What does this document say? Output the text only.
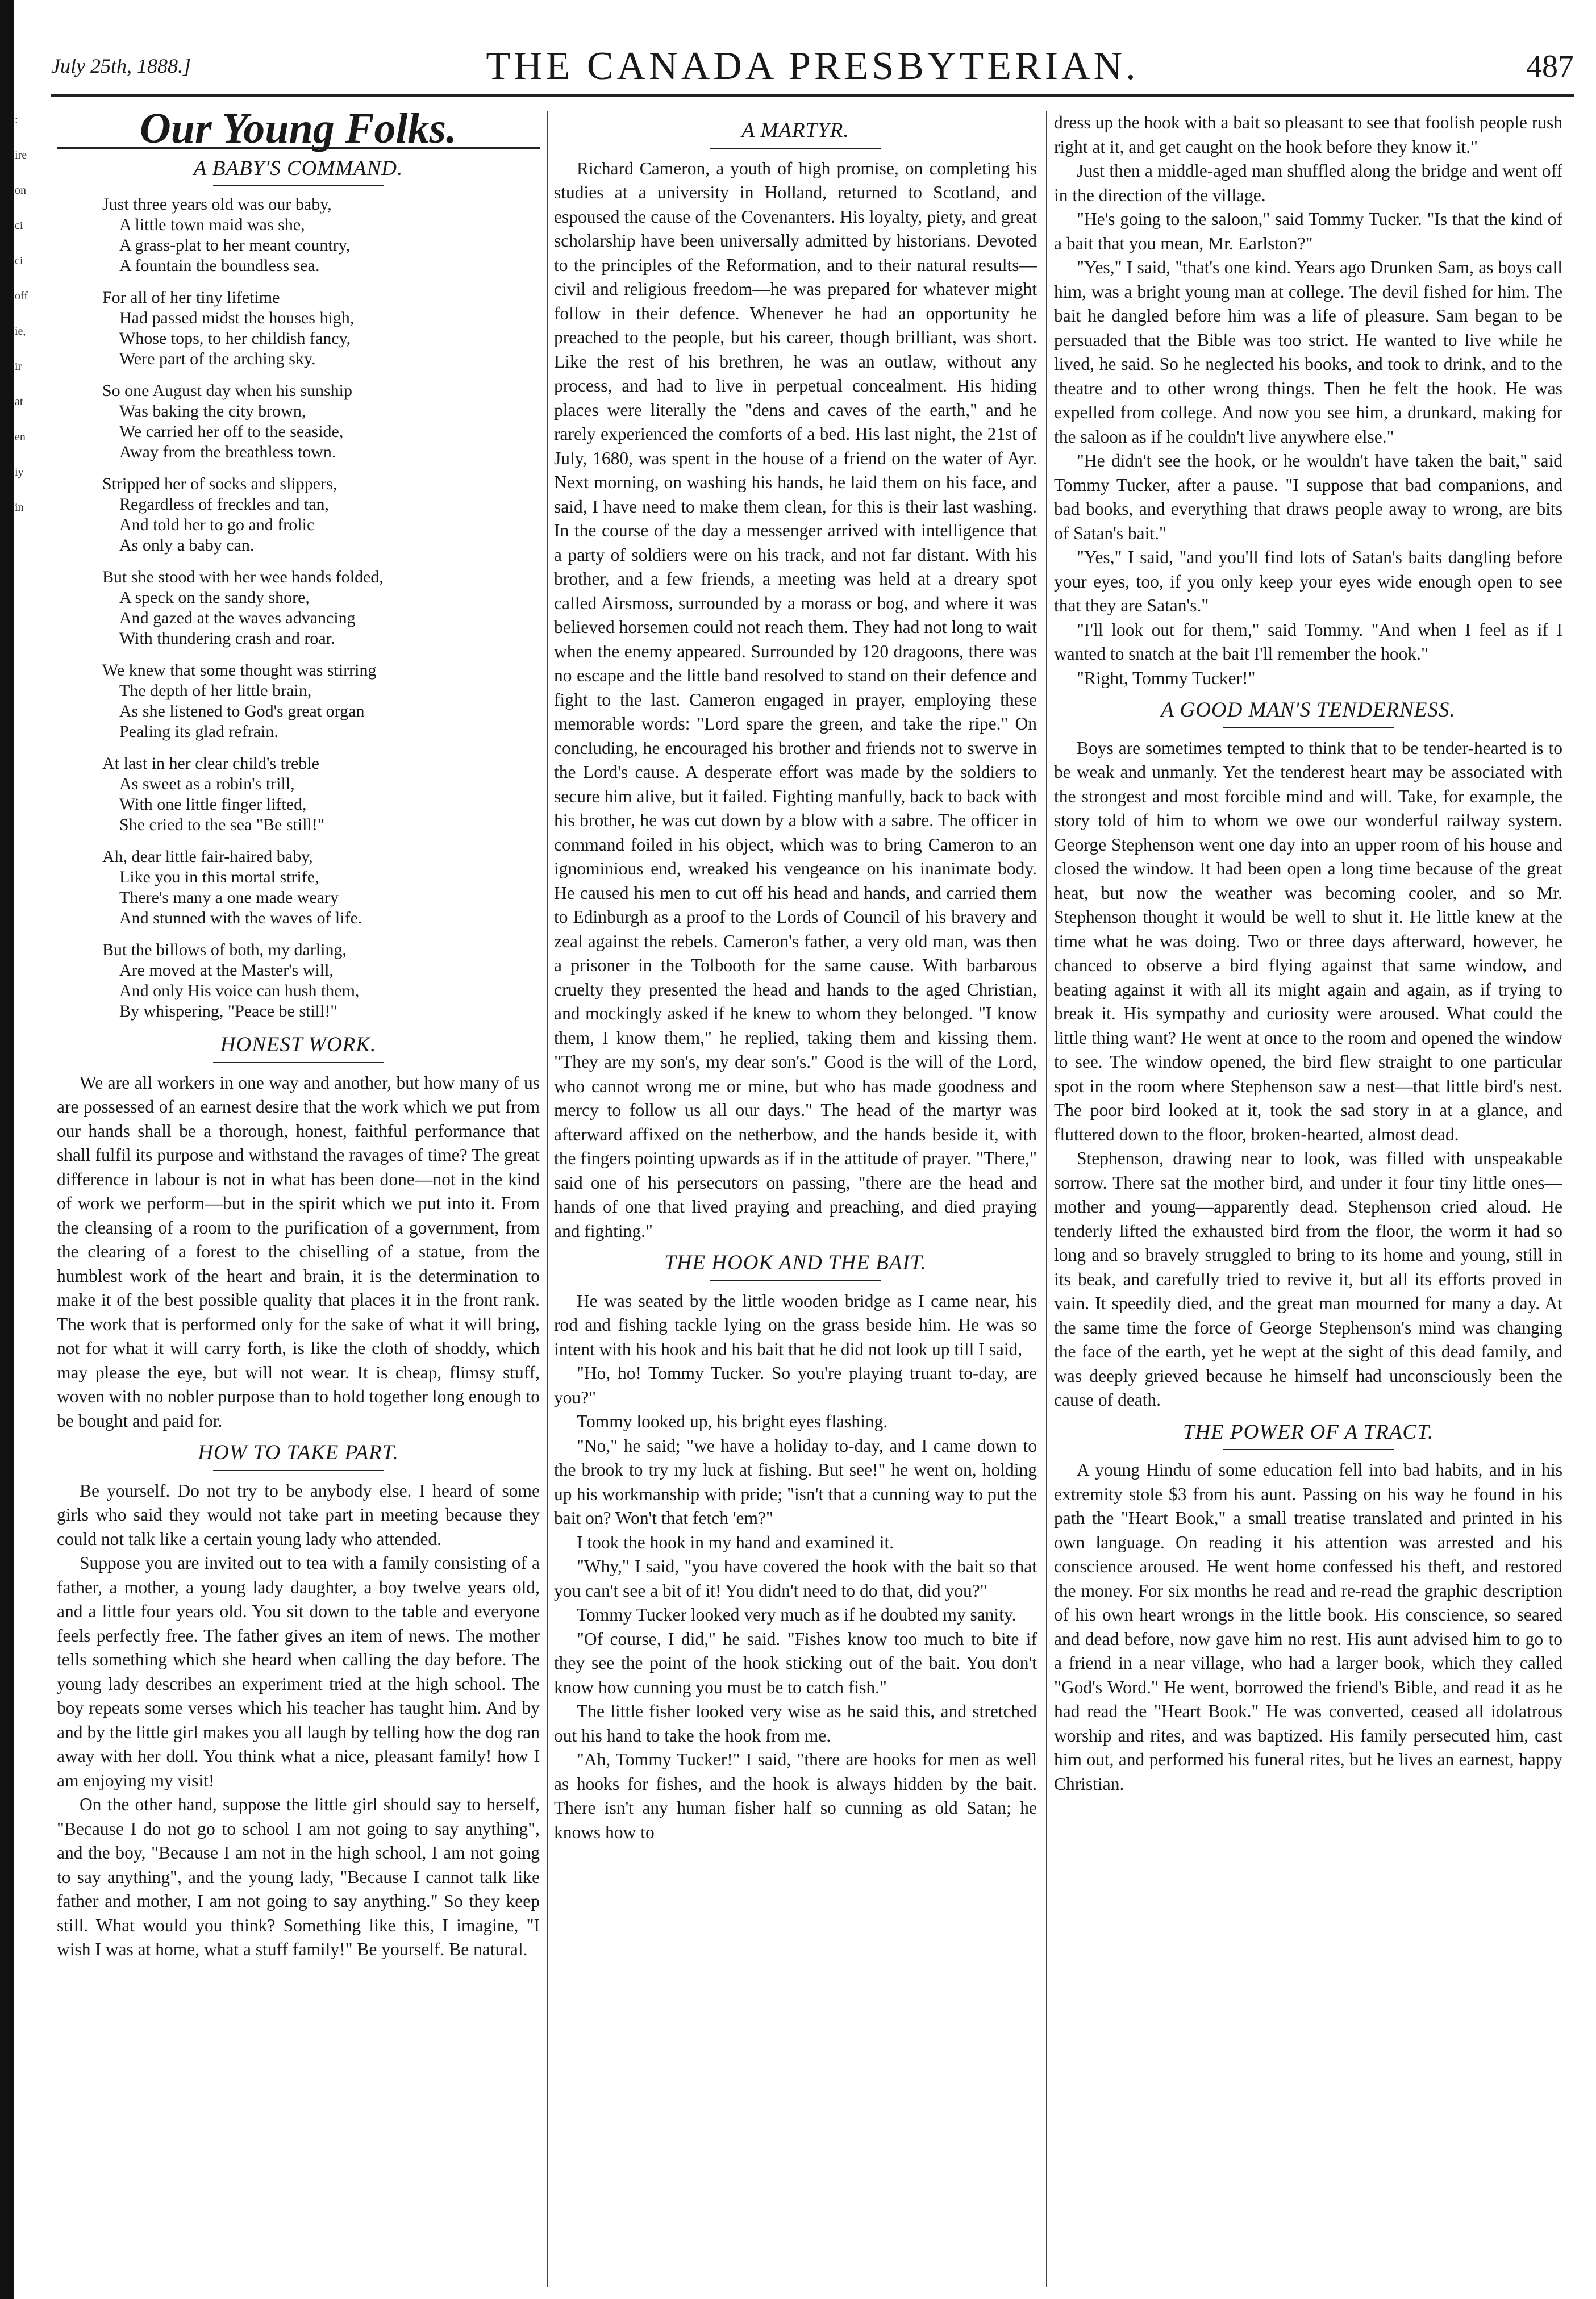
:
ire
on
ci
ci
off
ie,
ir
at
en
iy
in
July 25th, 1888.]	THE CANADA PRESBYTERIAN.	487
Our Young Folks.
A BABY'S COMMAND.
Just three years old was our baby,
A little town maid was she,
A grass-plat to her meant country,
A fountain the boundless sea.
For all of her tiny lifetime
Had passed midst the houses high,
Whose tops, to her childish fancy,
Were part of the arching sky.
So one August day when his sunship
Was baking the city brown,
We carried her off to the seaside,
Away from the breathless town.
Stripped her of socks and slippers,
Regardless of freckles and tan,
And told her to go and frolic
As only a baby can.
But she stood with her wee hands folded,
A speck on the sandy shore,
And gazed at the waves advancing
With thundering crash and roar.
We knew that some thought was stirring
The depth of her little brain,
As she listened to God's great organ
Pealing its glad refrain.
At last in her clear child's treble
As sweet as a robin's trill,
With one little finger lifted,
She cried to the sea "Be still!"
Ah, dear little fair-haired baby,
Like you in this mortal strife,
There's many a one made weary
And stunned with the waves of life.
But the billows of both, my darling,
Are moved at the Master's will,
And only His voice can hush them,
By whispering, "Peace be still!"
HONEST WORK.

We are all workers in one way and another, but how many of us are possessed of an earnest desire that the work which we put from our hands shall be a thorough, honest, faithful performance that shall fulfil its purpose and withstand the ravages of time? The great difference in labour is not in what has been done—not in the kind of work we perform—but in the spirit which we put into it. From the cleansing of a room to the purification of a government, from the clearing of a forest to the chiselling of a statue, from the humblest work of the heart and brain, it is the determination to make it of the best possible quality that places it in the front rank. The work that is performed only for the sake of what it will bring, not for what it will carry forth, is like the cloth of shoddy, which may please the eye, but will not wear. It is cheap, flimsy stuff, woven with no nobler purpose than to hold together long enough to be bought and paid for.

HOW TO TAKE PART.

Be yourself. Do not try to be anybody else. I heard of some girls who said they would not take part in meeting because they could not talk like a certain young lady who attended.

Suppose you are invited out to tea with a family consisting of a father, a mother, a young lady daughter, a boy twelve years old, and a little four years old. You sit down to the table and everyone feels perfectly free. The father gives an item of news. The mother tells something which she heard when calling the day before. The young lady describes an experiment tried at the high school. The boy repeats some verses which his teacher has taught him. And by and by the little girl makes you all laugh by telling how the dog ran away with her doll. You think what a nice, pleasant family! how I am enjoying my visit!

On the other hand, suppose the little girl should say to herself, "Because I do not go to school I am not going to say anything", and the boy, "Because I am not in the high school, I am not going to say anything", and the young lady, "Because I cannot talk like father and mother, I am not going to say anything." So they keep still. What would you think? Something like this, I imagine, "I wish I was at home, what a stuff family!" Be yourself. Be natural.

A MARTYR.

Richard Cameron, a youth of high promise, on completing his studies at a university in Holland, returned to Scotland, and espoused the cause of the Covenanters. His loyalty, piety, and great scholarship have been universally admitted by historians. Devoted to the principles of the Reformation, and to their natural results—civil and religious freedom—he was prepared for whatever might follow in their defence. Whenever he had an opportunity he preached to the people, but his career, though brilliant, was short. Like the rest of his brethren, he was an outlaw, without any process, and had to live in perpetual concealment. His hiding places were literally the "dens and caves of the earth," and he rarely experienced the comforts of a bed. His last night, the 21st of July, 1680, was spent in the house of a friend on the water of Ayr. Next morning, on washing his hands, he laid them on his face, and said, I have need to make them clean, for this is their last washing. In the course of the day a messenger arrived with intelligence that a party of soldiers were on his track, and not far distant. With his brother, and a few friends, a meeting was held at a dreary spot called Airsmoss, surrounded by a morass or bog, and where it was believed horsemen could not reach them. They had not long to wait when the enemy appeared. Surrounded by 120 dragoons, there was no escape and the little band resolved to stand on their defence and fight to the last. Cameron engaged in prayer, employing these memorable words: "Lord spare the green, and take the ripe." On concluding, he encouraged his brother and friends not to swerve in the Lord's cause. A desperate effort was made by the soldiers to secure him alive, but it failed. Fighting manfully, back to back with his brother, he was cut down by a blow with a sabre. The officer in command foiled in his object, which was to bring Cameron to an ignominious end, wreaked his vengeance on his inanimate body. He caused his men to cut off his head and hands, and carried them to Edinburgh as a proof to the Lords of Council of his bravery and zeal against the rebels. Cameron's father, a very old man, was then a prisoner in the Tolbooth for the same cause. With barbarous cruelty they presented the head and hands to the aged Christian, and mockingly asked if he knew to whom they belonged. "I know them, I know them," he replied, taking them and kissing them. "They are my son's, my dear son's." Good is the will of the Lord, who cannot wrong me or mine, but who has made goodness and mercy to follow us all our days." The head of the martyr was afterward affixed on the netherbow, and the hands beside it, with the fingers pointing upwards as if in the attitude of prayer. "There," said one of his persecutors on passing, "there are the head and hands of one that lived praying and preaching, and died praying and fighting."

THE HOOK AND THE BAIT.

He was seated by the little wooden bridge as I came near, his rod and fishing tackle lying on the grass beside him. He was so intent with his hook and his bait that he did not look up till I said,

"Ho, ho! Tommy Tucker. So you're playing truant to-day, are you?"

Tommy looked up, his bright eyes flashing.

"No," he said; "we have a holiday to-day, and I came down to the brook to try my luck at fishing. But see!" he went on, holding up his workmanship with pride; "isn't that a cunning way to put the bait on? Won't that fetch 'em?"

I took the hook in my hand and examined it.

"Why," I said, "you have covered the hook with the bait so that you can't see a bit of it! You didn't need to do that, did you?"

Tommy Tucker looked very much as if he doubted my sanity.

"Of course, I did," he said. "Fishes know too much to bite if they see the point of the hook sticking out of the bait. You don't know how cunning you must be to catch fish."

The little fisher looked very wise as he said this, and stretched out his hand to take the hook from me.

"Ah, Tommy Tucker!" I said, "there are hooks for men as well as hooks for fishes, and the hook is always hidden by the bait. There isn't any human fisher half so cunning as old Satan; he knows how to

dress up the hook with a bait so pleasant to see that foolish people rush right at it, and get caught on the hook before they know it."

Just then a middle-aged man shuffled along the bridge and went off in the direction of the village.

"He's going to the saloon," said Tommy Tucker. "Is that the kind of a bait that you mean, Mr. Earlston?"

"Yes," I said, "that's one kind. Years ago Drunken Sam, as boys call him, was a bright young man at college. The devil fished for him. The bait he dangled before him was a life of pleasure. Sam began to be persuaded that the Bible was too strict. He wanted to live while he lived, he said. So he neglected his books, and took to drink, and to the theatre and to other wrong things. Then he felt the hook. He was expelled from college. And now you see him, a drunkard, making for the saloon as if he couldn't live anywhere else."

"He didn't see the hook, or he wouldn't have taken the bait," said Tommy Tucker, after a pause. "I suppose that bad companions, and bad books, and everything that draws people away to wrong, are bits of Satan's bait."

"Yes," I said, "and you'll find lots of Satan's baits dangling before your eyes, too, if you only keep your eyes wide enough open to see that they are Satan's."

"I'll look out for them," said Tommy. "And when I feel as if I wanted to snatch at the bait I'll remember the hook."

"Right, Tommy Tucker!"

A GOOD MAN'S TENDERNESS.

Boys are sometimes tempted to think that to be tender-hearted is to be weak and unmanly. Yet the tenderest heart may be associated with the strongest and most forcible mind and will. Take, for example, the story told of him to whom we owe our wonderful railway system. George Stephenson went one day into an upper room of his house and closed the window. It had been open a long time because of the great heat, but now the weather was becoming cooler, and so Mr. Stephenson thought it would be well to shut it. He little knew at the time what he was doing. Two or three days afterward, however, he chanced to observe a bird flying against that same window, and beating against it with all its might again and again, as if trying to break it. His sympathy and curiosity were aroused. What could the little thing want? He went at once to the room and opened the window to see. The window opened, the bird flew straight to one particular spot in the room where Stephenson saw a nest—that little bird's nest. The poor bird looked at it, took the sad story in at a glance, and fluttered down to the floor, broken-hearted, almost dead.

Stephenson, drawing near to look, was filled with unspeakable sorrow. There sat the mother bird, and under it four tiny little ones—mother and young—apparently dead. Stephenson cried aloud. He tenderly lifted the exhausted bird from the floor, the worm it had so long and so bravely struggled to bring to its home and young, still in its beak, and carefully tried to revive it, but all its efforts proved in vain. It speedily died, and the great man mourned for many a day. At the same time the force of George Stephenson's mind was changing the face of the earth, yet he wept at the sight of this dead family, and was deeply grieved because he himself had unconsciously been the cause of death.

THE POWER OF A TRACT.

A young Hindu of some education fell into bad habits, and in his extremity stole $3 from his aunt. Passing on his way he found in his path the "Heart Book," a small treatise translated and printed in his own language. On reading it his attention was arrested and his conscience aroused. He went home confessed his theft, and restored the money. For six months he read and re-read the graphic description of his own heart wrongs in the little book. His conscience, so seared and dead before, now gave him no rest. His aunt advised him to go to a friend in a near village, who had a larger book, which they called "God's Word." He went, borrowed the friend's Bible, and read it as he had read the "Heart Book." He was converted, ceased all idolatrous worship and rites, and was baptized. His family persecuted him, cast him out, and performed his funeral rites, but he lives an earnest, happy Christian.
